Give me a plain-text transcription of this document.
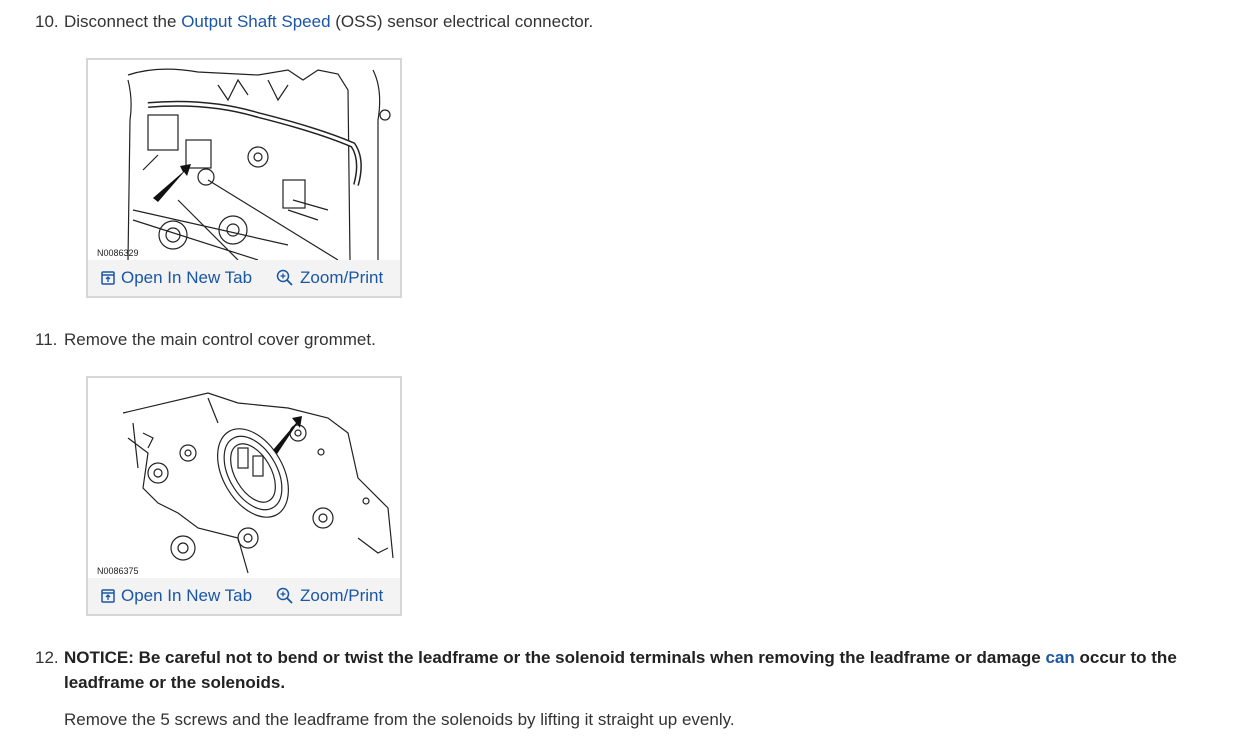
10. Disconnect the Output Shaft Speed (OSS) sensor electrical connector.
N0086329
Open In New Tab	Zoom/Print
11. Remove the main control cover grommet.
N0086375
Open In New Tab	Zoom/Print
12. NOTICE: Be careful not to bend or twist the leadframe or the solenoid terminals when removing the leadframe or damage can occur to the leadframe or the solenoids.
Remove the 5 screws and the leadframe from the solenoids by lifting it straight up evenly.
